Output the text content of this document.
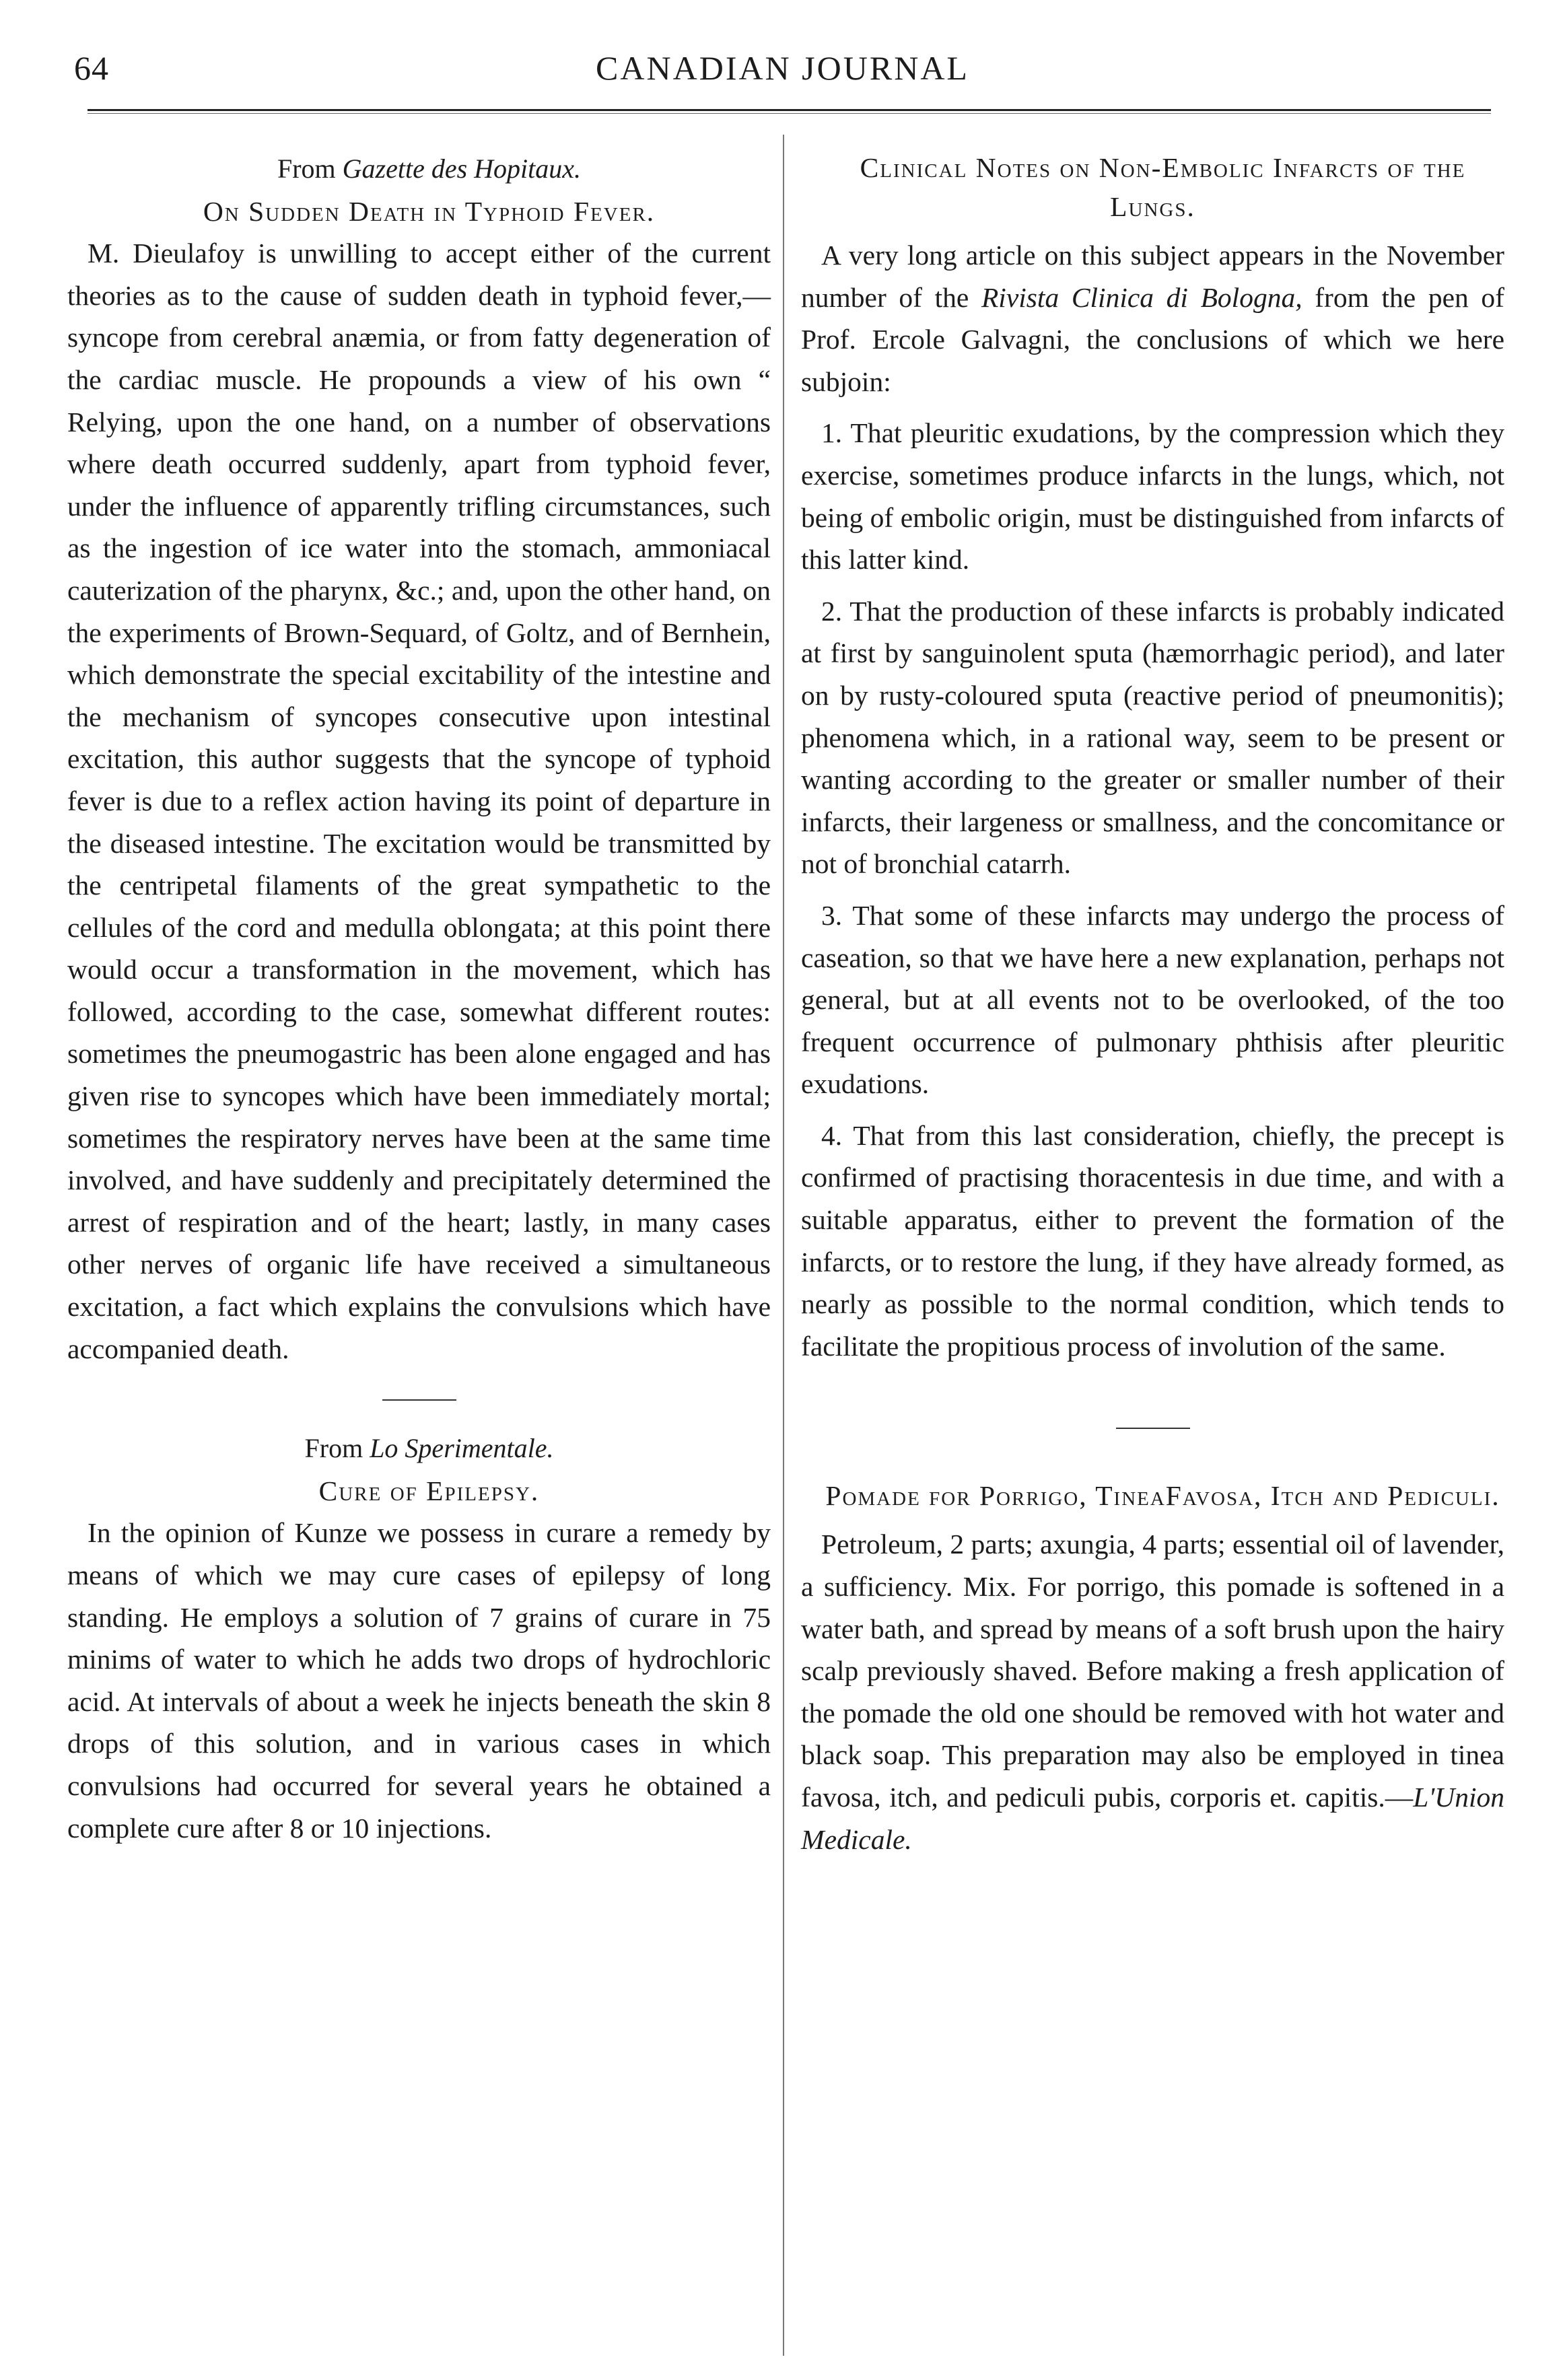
64	CANADIAN JOURNAL

From Gazette des Hopitaux.

On Sudden Death in Typhoid Fever.

M. Dieulafoy is unwilling to accept either of the current theories as to the cause of sudden death in typhoid fever,—syncope from cerebral anæmia, or from fatty degeneration of the cardiac muscle. He propounds a view of his own “ Relying, upon the one hand, on a number of observations where death occurred suddenly, apart from typhoid fever, under the influence of apparently trifling circumstances, such as the ingestion of ice water into the stomach, ammoniacal cauterization of the pharynx, &c.; and, upon the other hand, on the experiments of Brown-Sequard, of Goltz, and of Bernhein, which demonstrate the special excitability of the intestine and the mechanism of syncopes consecutive upon intestinal excitation, this author suggests that the syncope of typhoid fever is due to a reflex action having its point of departure in the diseased intestine. The excitation would be transmitted by the centripetal filaments of the great sympathetic to the cellules of the cord and medulla oblongata; at this point there would occur a transformation in the movement, which has followed, according to the case, somewhat different routes: sometimes the pneumogastric has been alone engaged and has given rise to syncopes which have been immediately mortal; sometimes the respiratory nerves have been at the same time involved, and have suddenly and precipitately determined the arrest of respiration and of the heart; lastly, in many cases other nerves of organic life have received a simultaneous excitation, a fact which explains the convulsions which have accompanied death.

From Lo Sperimentale.

Cure of Epilepsy.

In the opinion of Kunze we possess in curare a remedy by means of which we may cure cases of epilepsy of long standing. He employs a solution of 7 grains of curare in 75 minims of water to which he adds two drops of hydrochloric acid. At intervals of about a week he injects beneath the skin 8 drops of this solution, and in various cases in which convulsions had occurred for several years he obtained a complete cure after 8 or 10 injections.

Clinical Notes on Non-Embolic Infarcts of the Lungs.

A very long article on this subject appears in the November number of the Rivista Clinica di Bologna, from the pen of Prof. Ercole Galvagni, the conclusions of which we here subjoin:

1. That pleuritic exudations, by the compression which they exercise, sometimes produce infarcts in the lungs, which, not being of embolic origin, must be distinguished from infarcts of this latter kind.

2. That the production of these infarcts is probably indicated at first by sanguinolent sputa (hæmorrhagic period), and later on by rusty-coloured sputa (reactive period of pneumonitis); phenomena which, in a rational way, seem to be present or wanting according to the greater or smaller number of their infarcts, their largeness or smallness, and the concomitance or not of bronchial catarrh.

3. That some of these infarcts may undergo the process of caseation, so that we have here a new explanation, perhaps not general, but at all events not to be overlooked, of the too frequent occurrence of pulmonary phthisis after pleuritic exudations.

4. That from this last consideration, chiefly, the precept is confirmed of practising thoracentesis in due time, and with a suitable apparatus, either to prevent the formation of the infarcts, or to restore the lung, if they have already formed, as nearly as possible to the normal condition, which tends to facilitate the propitious process of involution of the same.

Pomade for Porrigo, TineaFavosa, Itch and Pediculi.

Petroleum, 2 parts; axungia, 4 parts; essential oil of lavender, a sufficiency. Mix. For porrigo, this pomade is softened in a water bath, and spread by means of a soft brush upon the hairy scalp previously shaved. Before making a fresh application of the pomade the old one should be removed with hot water and black soap. This preparation may also be employed in tinea favosa, itch, and pediculi pubis, corporis et. capitis.—L'Union Medicale.
